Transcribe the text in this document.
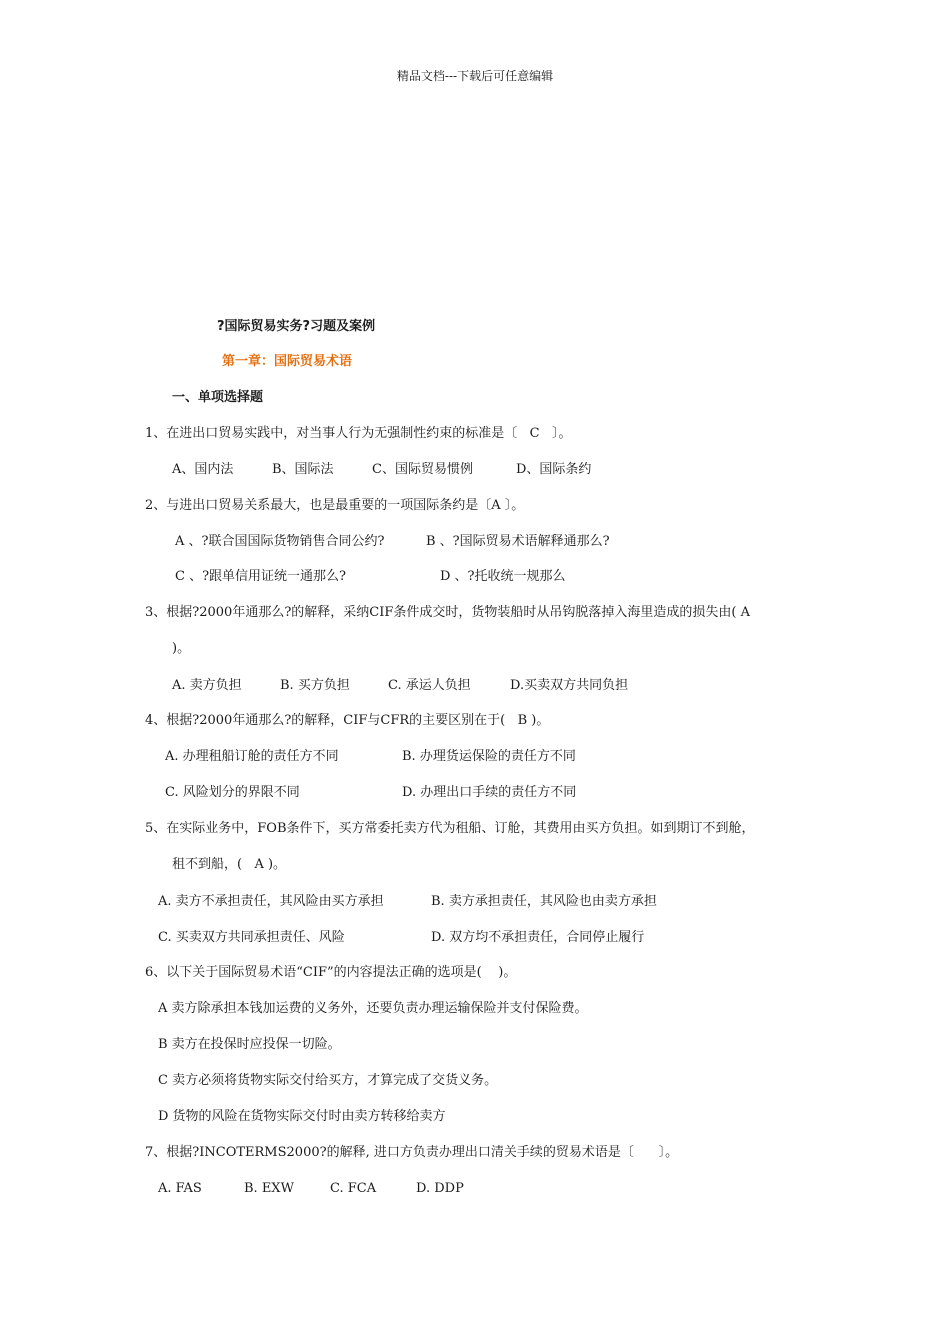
精品文档---下载后可任意编辑
?国际贸易实务?习题及案例
第一章：国际贸易术语
一、单项选择题
1、在进出口贸易实践中，对当事人行为无强制性约束的标准是〔   C   〕。
A、国内法	B、国际法	C、国际贸易惯例	D、国际条约
2、与进出口贸易关系最大，也是最重要的一项国际条约是〔A 〕。
A 、?联合国国际货物销售合同公约?	B 、?国际贸易术语解释通那么?
C 、?跟单信用证统一通那么?	D 、?托收统一规那么
3、根据?2000年通那么?的解释，采纳CIF条件成交时，货物装船时从吊钩脱落掉入海里造成的损失由( A
)。
A. 卖方负担	B. 买方负担	C. 承运人负担	D.买卖双方共同负担
4、根据?2000年通那么?的解释，CIF与CFR的主要区别在于(   B )。
A. 办理租船订舱的责任方不同	B. 办理货运保险的责任方不同
C. 风险划分的界限不同	D. 办理出口手续的责任方不同
5、在实际业务中，FOB条件下，买方常委托卖方代为租船、订舱，其费用由买方负担。如到期订不到舱，
租不到船，(   A )。
A. 卖方不承担责任，其风险由买方承担	B. 卖方承担责任，其风险也由卖方承担
C. 买卖双方共同承担责任、风险	D. 双方均不承担责任，合同停止履行
6、以下关于国际贸易术语“CIF”的内容提法正确的选项是(    )。
A 卖方除承担本钱加运费的义务外，还要负责办理运输保险并支付保险费。
B 卖方在投保时应投保一切险。
C 卖方必须将货物实际交付给买方，才算完成了交货义务。
D 货物的风险在货物实际交付时由卖方转移给卖方
7、根据?INCOTERMS2000?的解释, 进口方负责办理出口清关手续的贸易术语是〔      〕。
A. FAS	B. EXW	C. FCA	D. DDP
